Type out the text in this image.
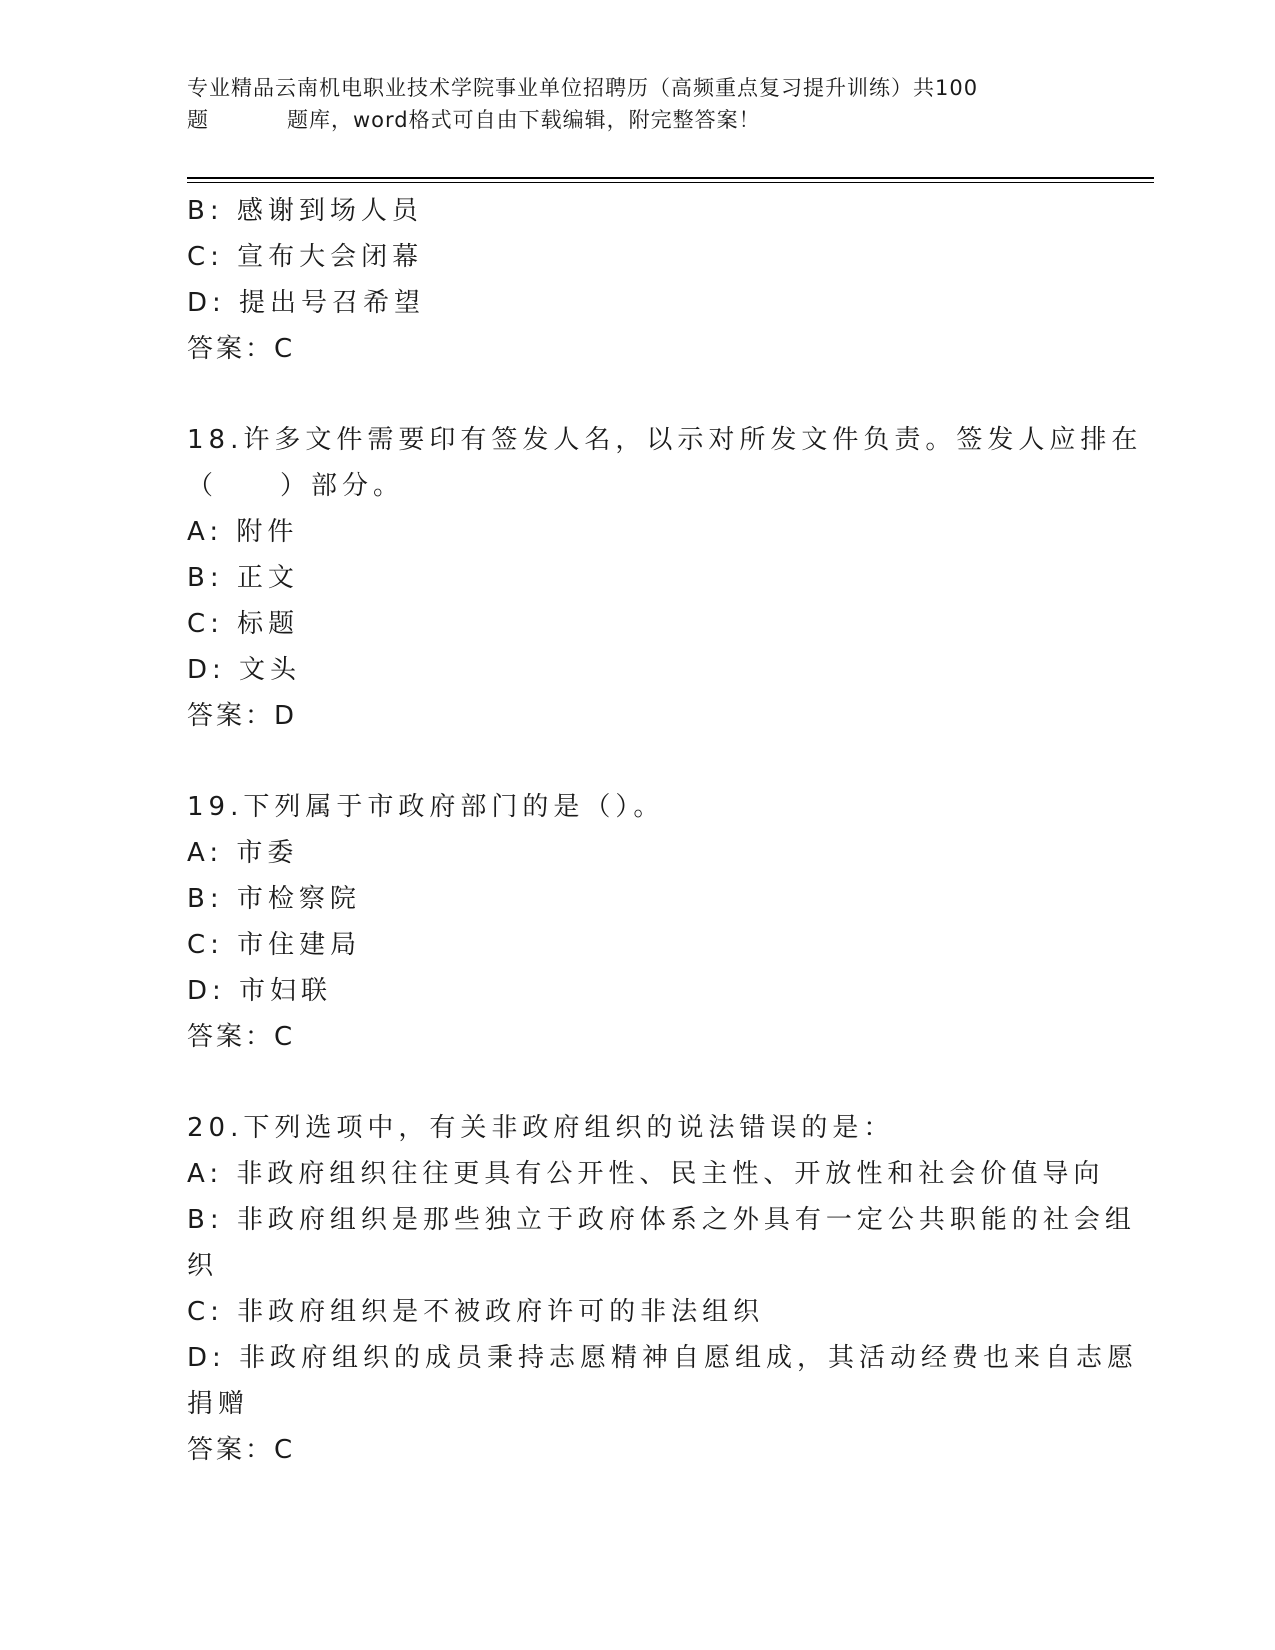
专业精品云南机电职业技术学院事业单位招聘历（高频重点复习提升训练）共100
题	题库，word格式可自由下载编辑，附完整答案！
B: 感谢到场人员
C: 宣布大会闭幕
D: 提出号召希望
答案：C
18.许多文件需要印有签发人名，以示对所发文件负责。签发人应排在
（　　）部分。
A: 附件
B: 正文
C: 标题
D: 文头
答案：D
19.下列属于市政府部门的是（）。
A: 市委
B: 市检察院
C: 市住建局
D: 市妇联
答案：C
20.下列选项中，有关非政府组织的说法错误的是：
A: 非政府组织往往更具有公开性、民主性、开放性和社会价值导向
B: 非政府组织是那些独立于政府体系之外具有一定公共职能的社会组
织
C: 非政府组织是不被政府许可的非法组织
D: 非政府组织的成员秉持志愿精神自愿组成，其活动经费也来自志愿
捐赠
答案：C
